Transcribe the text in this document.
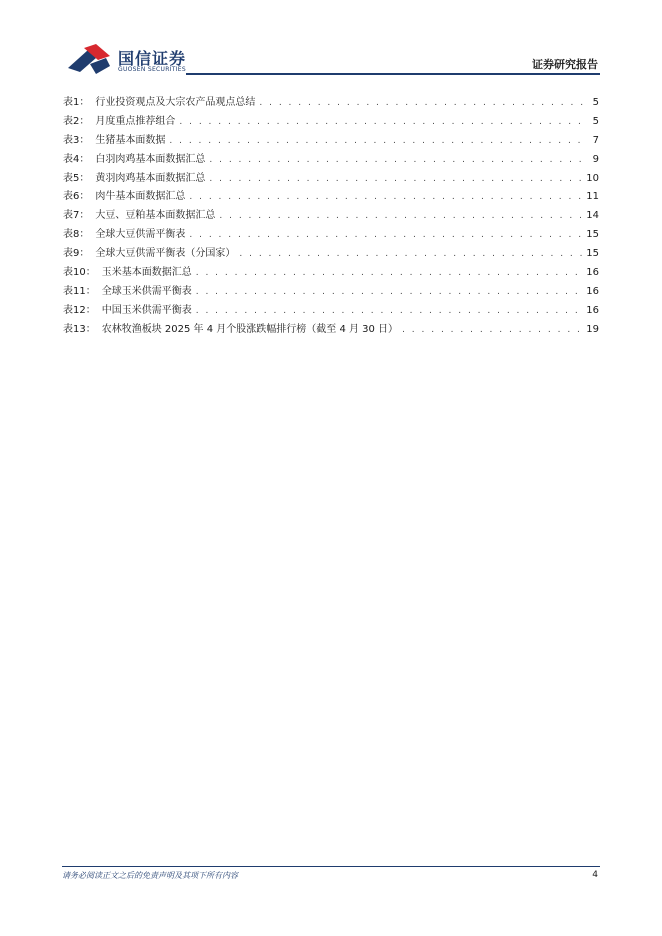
国信证券
GUOSEN SECURITIES	证券研究报告
表1： 行业投资观点及大宗农产品观点总结 . . .	5
表2： 月度重点推荐组合 . . .	5
表3： 生猪基本面数据 . . .	7
表4： 白羽肉鸡基本面数据汇总 . . .	9
表5： 黄羽肉鸡基本面数据汇总 . . .	10
表6： 肉牛基本面数据汇总 . . .	11
表7： 大豆、豆粕基本面数据汇总 . . .	14
表8： 全球大豆供需平衡表 . . .	15
表9： 全球大豆供需平衡表（分国家） . . .	15
表10： 玉米基本面数据汇总 . . .	16
表11： 全球玉米供需平衡表 . . .	16
表12： 中国玉米供需平衡表 . . .	16
表13： 农林牧渔板块 2025 年 4 月个股涨跌幅排行榜（截至 4 月 30 日） . . .	19
请务必阅读正文之后的免责声明及其项下所有内容	4
